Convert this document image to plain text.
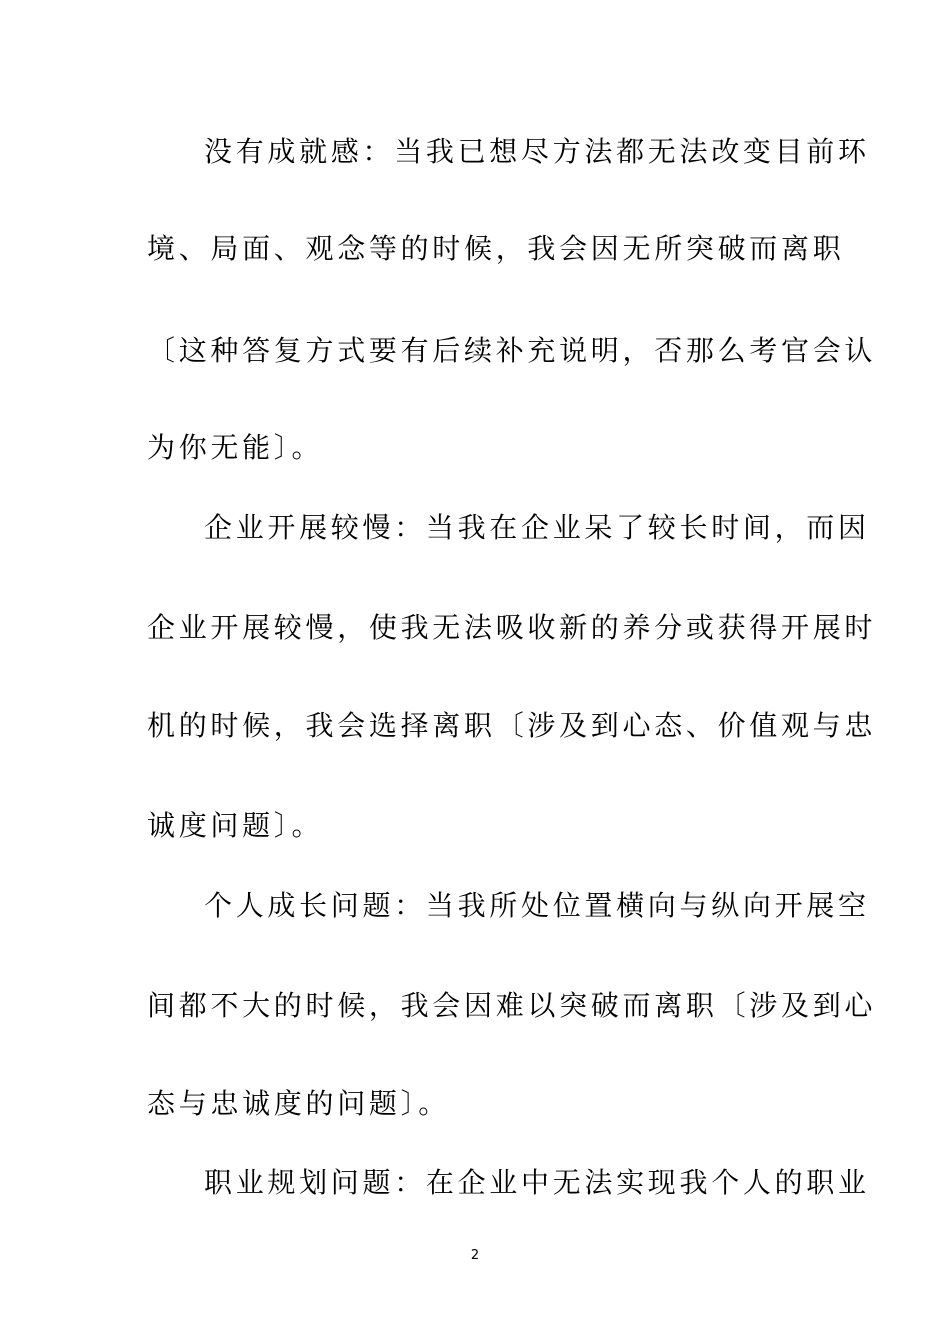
没有成就感：当我已想尽方法都无法改变目前环
境、局面、观念等的时候，我会因无所突破而离职
〔这种答复方式要有后续补充说明，否那么考官会认
为你无能〕。
企业开展较慢：当我在企业呆了较长时间，而因
企业开展较慢，使我无法吸收新的养分或获得开展时
机的时候，我会选择离职〔涉及到心态、价值观与忠
诚度问题〕。
个人成长问题：当我所处位置横向与纵向开展空
间都不大的时候，我会因难以突破而离职〔涉及到心
态与忠诚度的问题〕。
职业规划问题：在企业中无法实现我个人的职业
2
